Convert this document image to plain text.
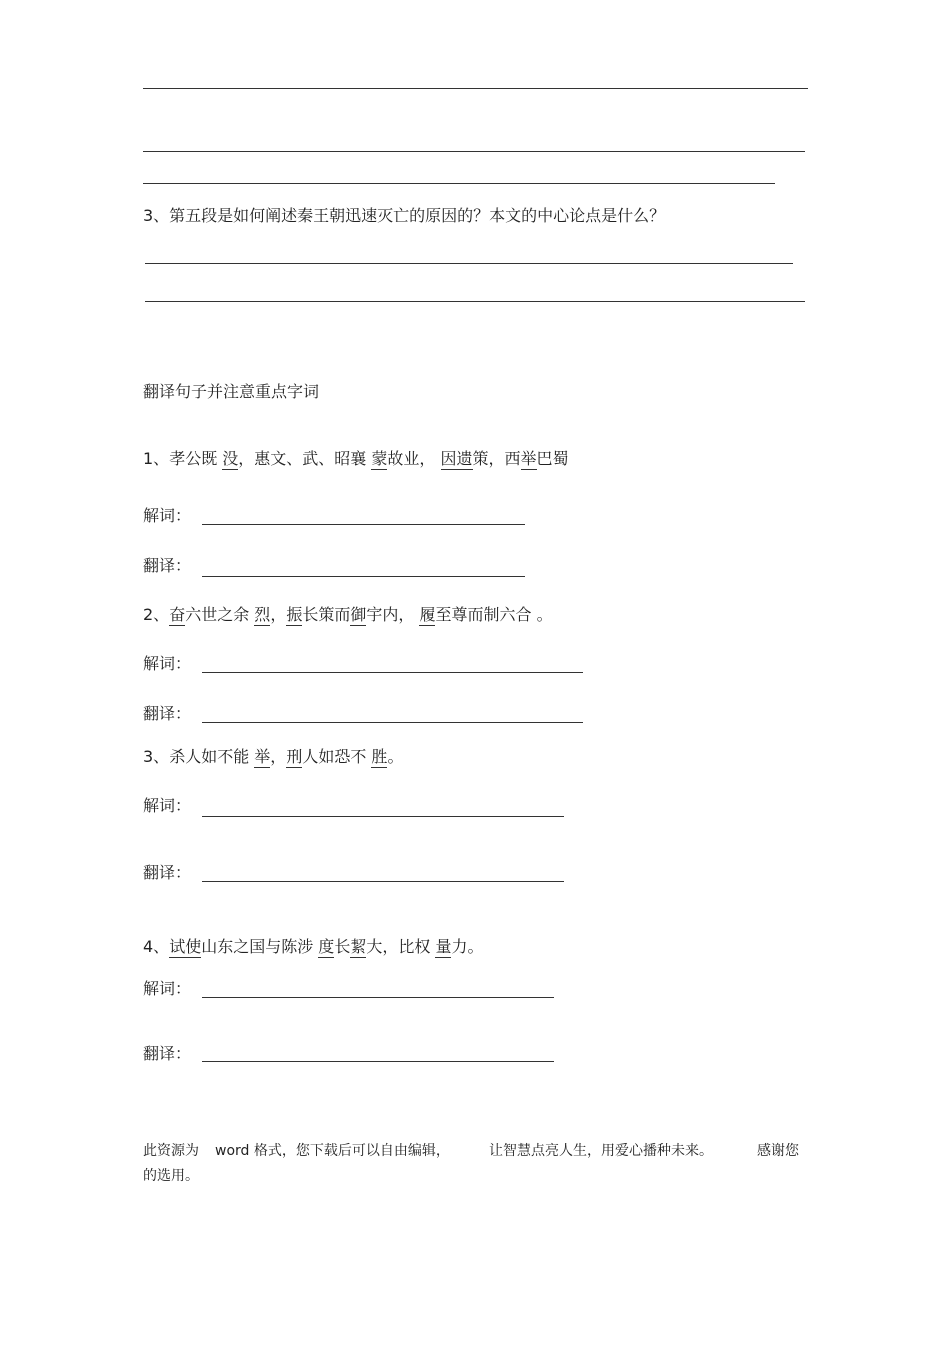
3、第五段是如何阐述秦王朝迅速灭亡的原因的？本文的中心论点是什么？
翻译句子并注意重点字词
1、孝公既 没，惠文、武、昭襄 蒙故业， 因遗策，西举巴蜀
解词：
翻译：
2、奋六世之余 烈，振长策而御宇内， 履至尊而制六合 。
解词：
翻译：
3、杀人如不能 举，刑人如恐不 胜。
解词：
翻译：
4、试使山东之国与陈涉 度长絜大，比权 量力。
解词：
翻译：
此资源为 word 格式，您下载后可以自由编辑，	让智慧点亮人生，用爱心播种未来。	感谢您
的选用。
